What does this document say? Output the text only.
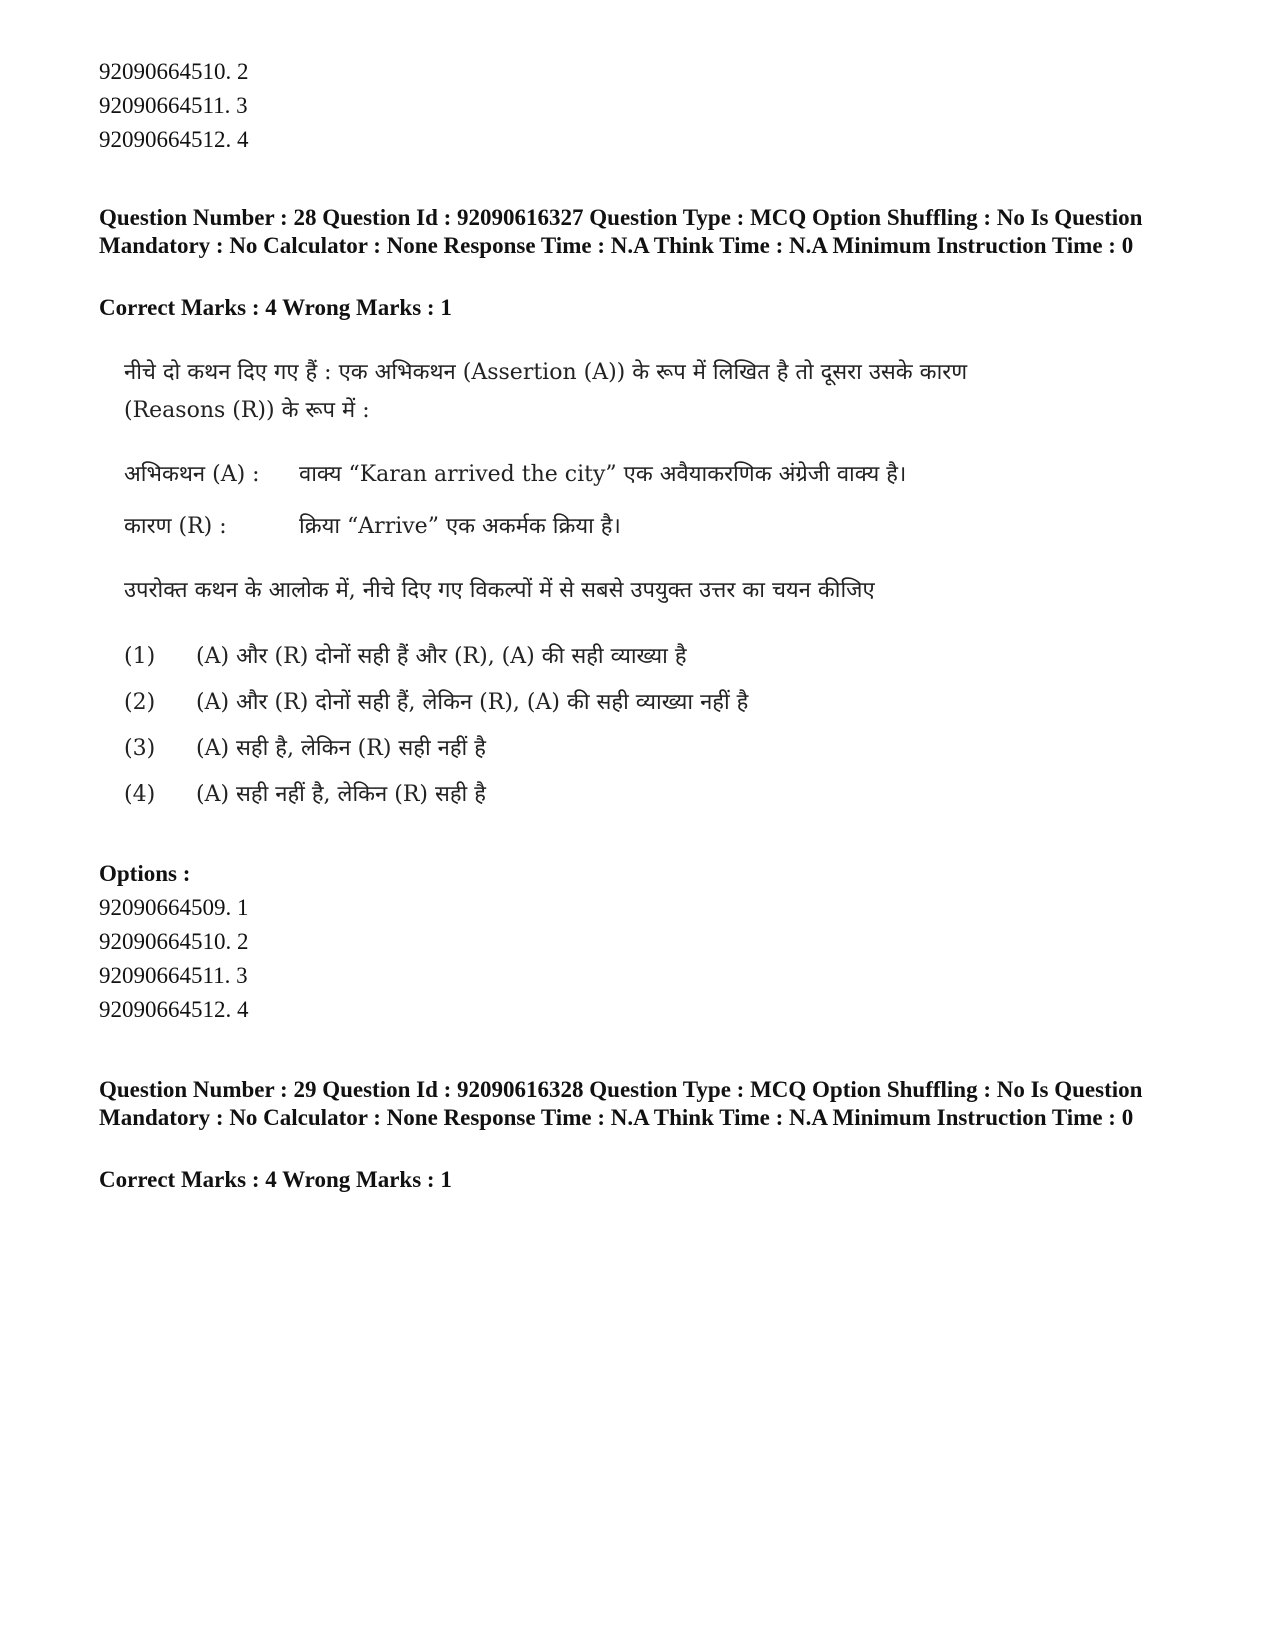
92090664510. 2
92090664511. 3
92090664512. 4
Question Number : 28 Question Id : 92090616327 Question Type : MCQ Option Shuffling : No Is Question Mandatory : No Calculator : None Response Time : N.A Think Time : N.A Minimum Instruction Time : 0
Correct Marks : 4 Wrong Marks : 1
नीचे दो कथन दिए गए हैं : एक अभिकथन (Assertion (A)) के रूप में लिखित है तो दूसरा उसके कारण
(Reasons (R)) के रूप में :
अभिकथन (A) : वाक्य “Karan arrived the city” एक अवैयाकरणिक अंग्रेजी वाक्य है।
कारण (R) :	क्रिया “Arrive” एक अकर्मक क्रिया है।
उपरोक्त कथन के आलोक में, नीचे दिए गए विकल्पों में से सबसे उपयुक्त उत्तर का चयन कीजिए
(1) (A) और (R) दोनों सही हैं और (R), (A) की सही व्याख्या है
(2) (A) और (R) दोनों सही हैं, लेकिन (R), (A) की सही व्याख्या नहीं है
(3) (A) सही है, लेकिन (R) सही नहीं है
(4) (A) सही नहीं है, लेकिन (R) सही है
Options :
92090664509. 1
92090664510. 2
92090664511. 3
92090664512. 4
Question Number : 29 Question Id : 92090616328 Question Type : MCQ Option Shuffling : No Is Question Mandatory : No Calculator : None Response Time : N.A Think Time : N.A Minimum Instruction Time : 0
Correct Marks : 4 Wrong Marks : 1
